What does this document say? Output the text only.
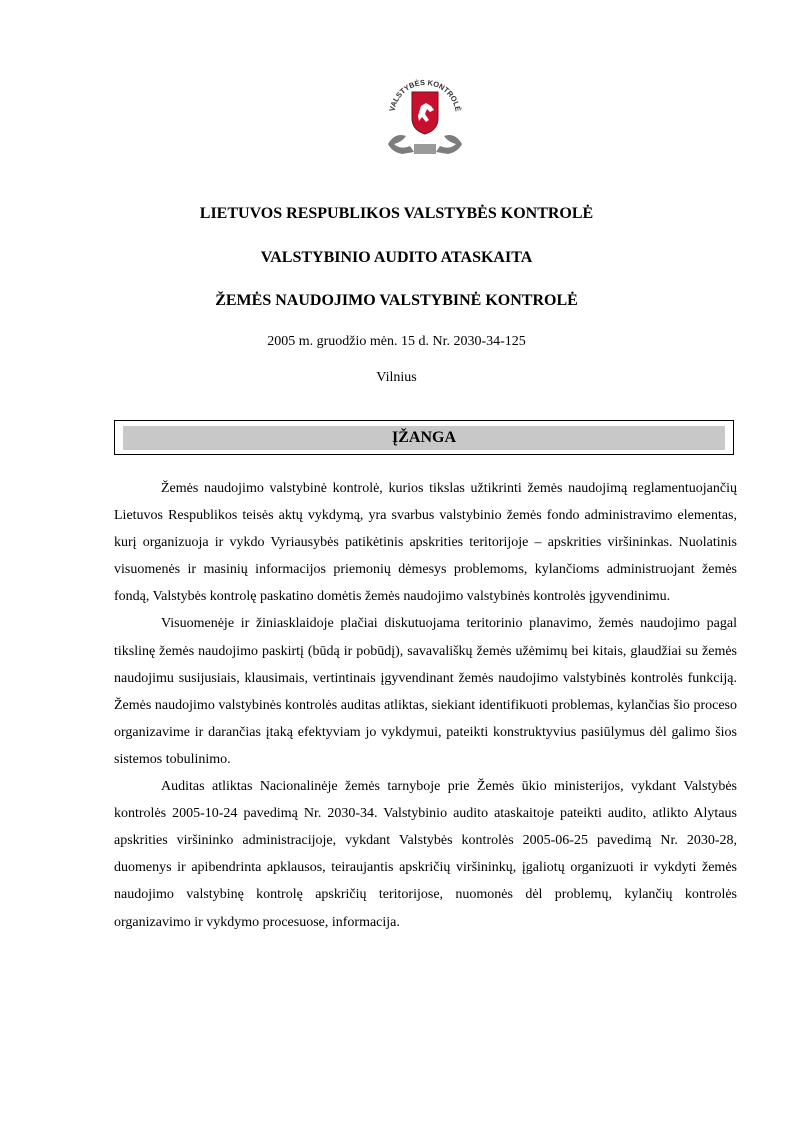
VALSTYBĖS KONTROLĖ
LIETUVOS RESPUBLIKOS VALSTYBĖS KONTROLĖ
VALSTYBINIO AUDITO ATASKAITA
ŽEMĖS NAUDOJIMO VALSTYBINĖ KONTROLĖ
2005 m. gruodžio mėn. 15 d. Nr. 2030-34-125
Vilnius
ĮŽANGA

Žemės naudojimo valstybinė kontrolė, kurios tikslas užtikrinti žemės naudojimą reglamentuojančių Lietuvos Respublikos teisės aktų vykdymą, yra svarbus valstybinio žemės fondo administravimo elementas, kurį organizuoja ir vykdo Vyriausybės patikėtinis apskrities teritorijoje – apskrities viršininkas. Nuolatinis visuomenės ir masinių informacijos priemonių dėmesys problemoms, kylančioms administruojant žemės fondą, Valstybės kontrolę paskatino domėtis žemės naudojimo valstybinės kontrolės įgyvendinimu.

Visuomenėje ir žiniasklaidoje plačiai diskutuojama teritorinio planavimo, žemės naudojimo pagal tikslinę žemės naudojimo paskirtį (būdą ir pobūdį), savavališkų žemės užėmimų bei kitais, glaudžiai su žemės naudojimu susijusiais, klausimais, vertintinais įgyvendinant žemės naudojimo valstybinės kontrolės funkciją. Žemės naudojimo valstybinės kontrolės auditas atliktas, siekiant identifikuoti problemas, kylančias šio proceso organizavime ir darančias įtaką efektyviam jo vykdymui, pateikti konstruktyvius pasiūlymus dėl galimo šios sistemos tobulinimo.

Auditas atliktas Nacionalinėje žemės tarnyboje prie Žemės ūkio ministerijos, vykdant Valstybės kontrolės 2005-10-24 pavedimą Nr. 2030-34. Valstybinio audito ataskaitoje pateikti audito, atlikto Alytaus apskrities viršininko administracijoje, vykdant Valstybės kontrolės 2005-06-25 pavedimą Nr. 2030-28, duomenys ir apibendrinta apklausos, teiraujantis apskričių viršininkų, įgaliotų organizuoti ir vykdyti žemės naudojimo valstybinę kontrolę apskričių teritorijose, nuomonės dėl problemų, kylančių kontrolės organizavimo ir vykdymo procesuose, informacija.
